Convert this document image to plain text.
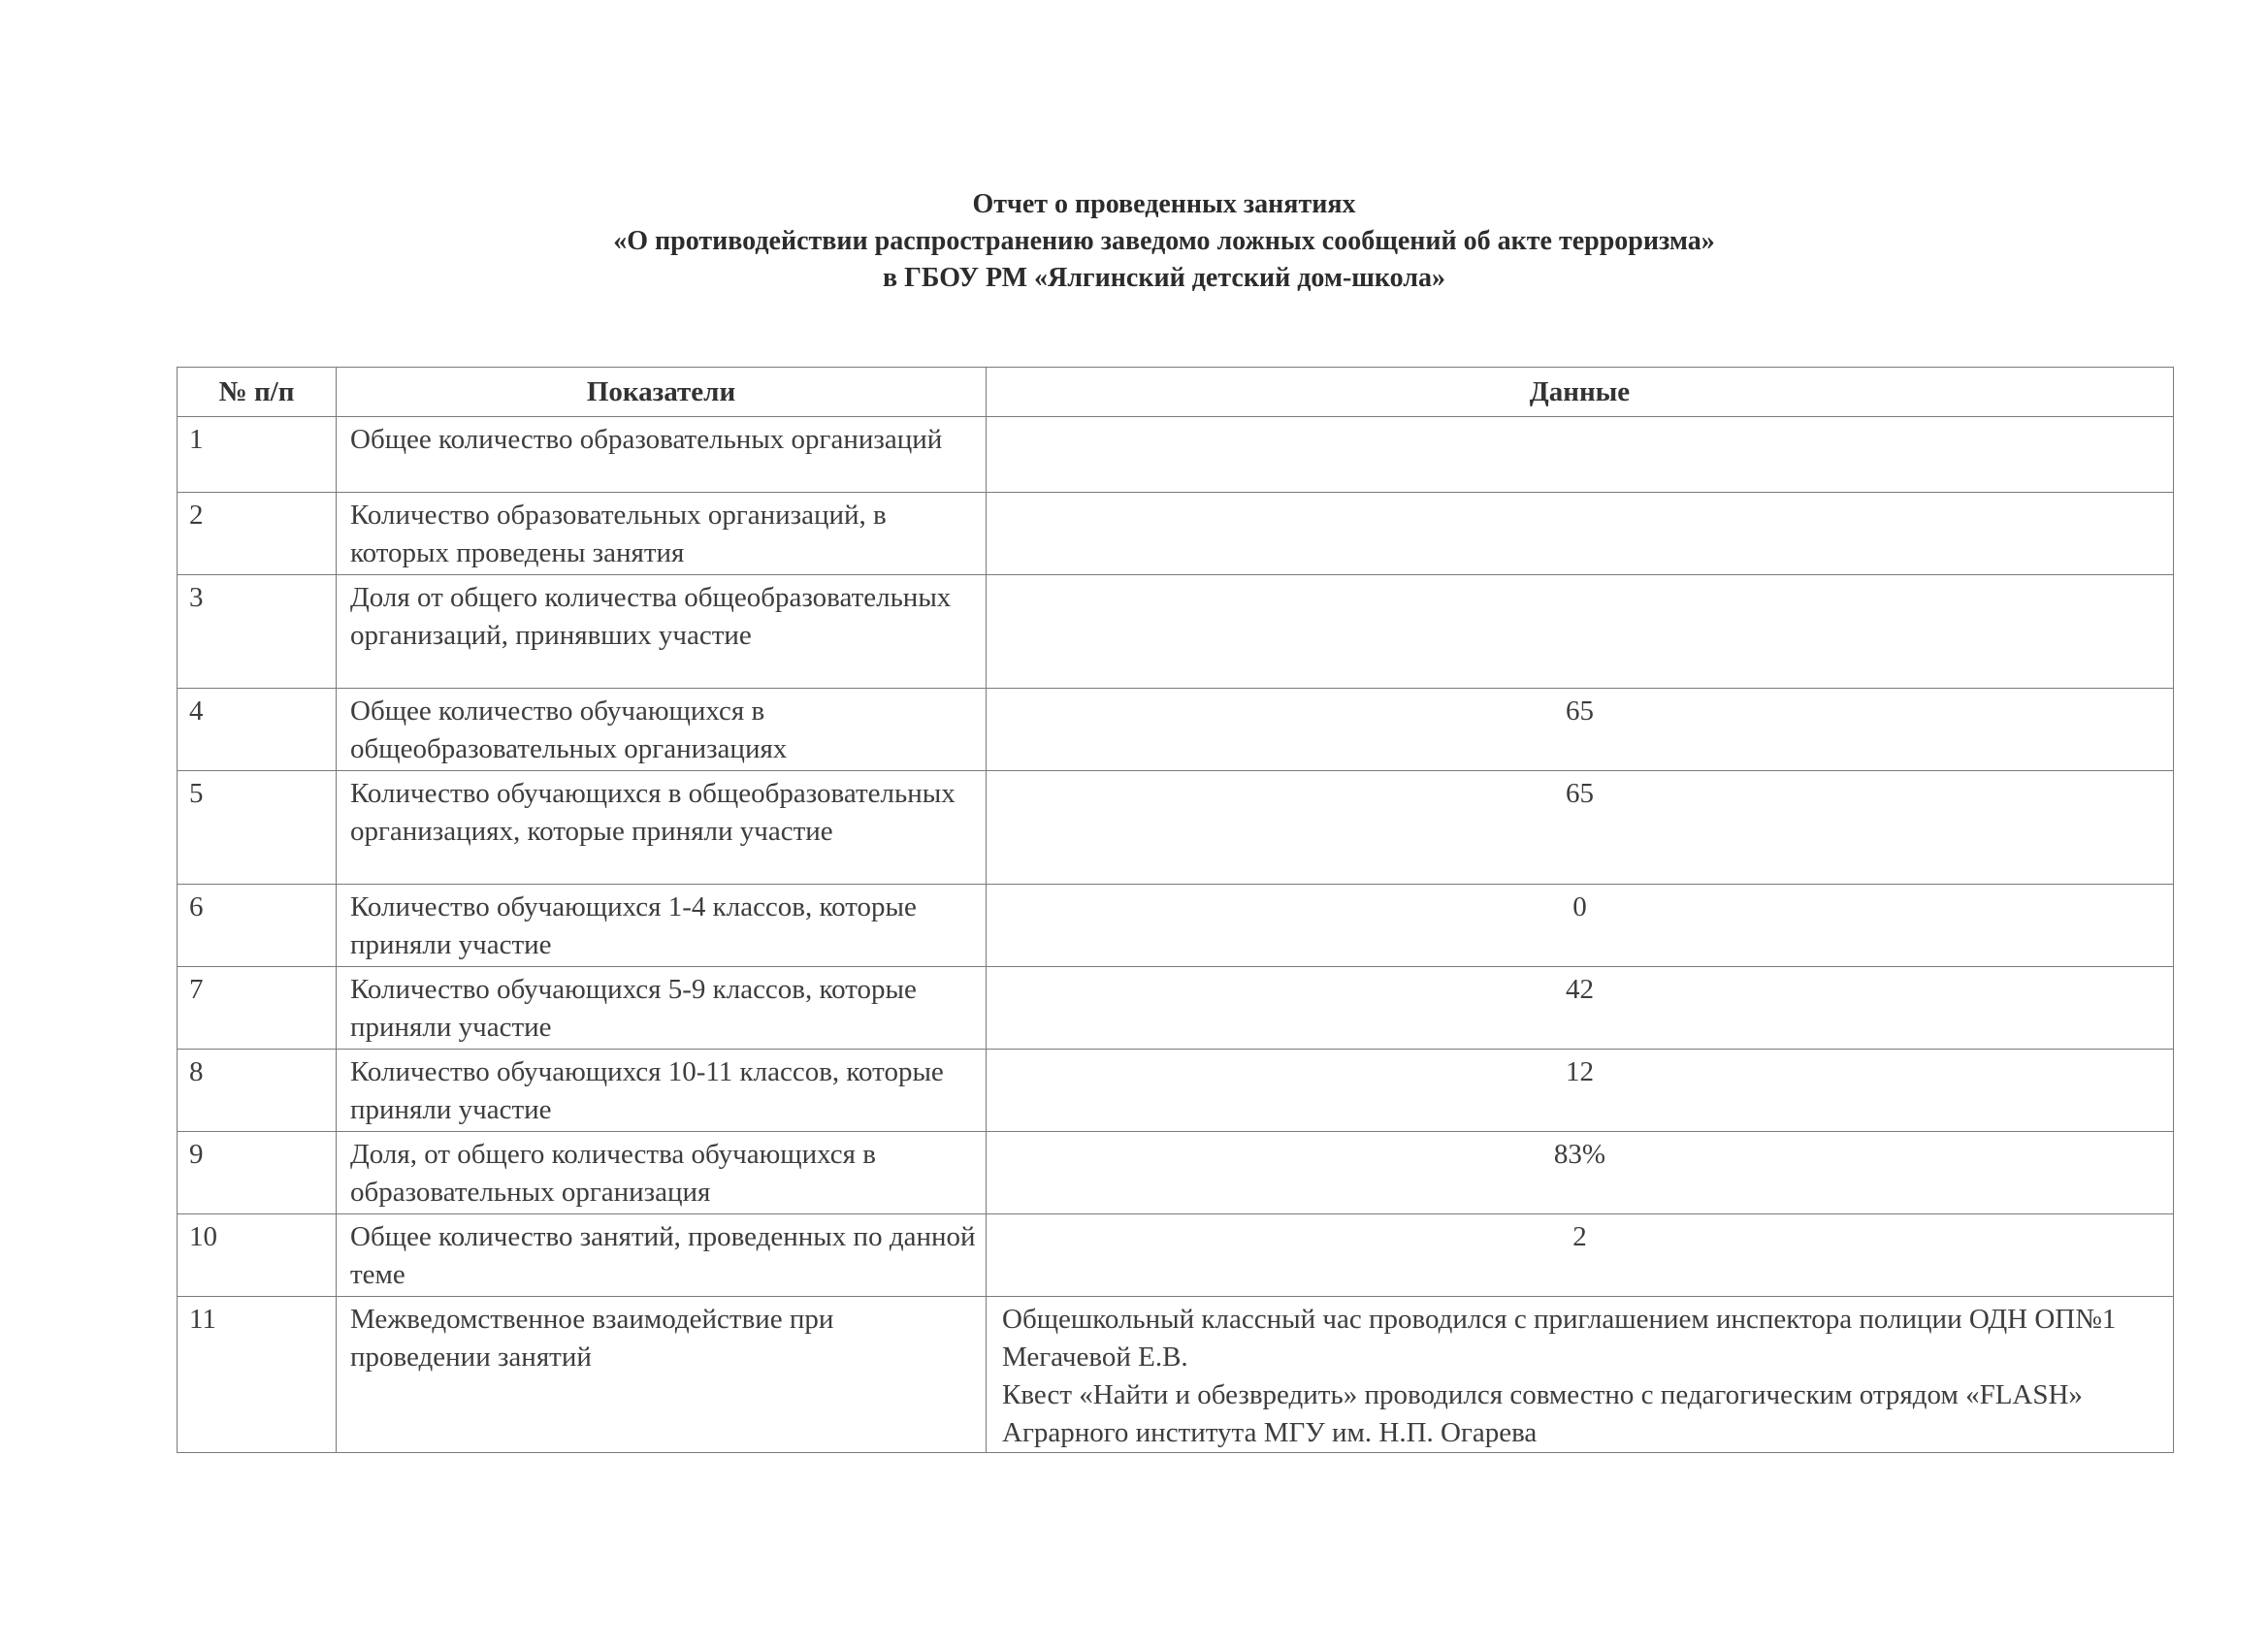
Отчет о проведенных занятиях
«О противодействии распространению заведомо ложных сообщений об акте терроризма»
в ГБОУ РМ «Ялгинский детский дом-школа»
№ п/п	Показатели	Данные
1	Общее количество образовательных организаций	
2	Количество образовательных организаций, в которых проведены занятия	
3	Доля от общего количества общеобразовательных организаций, принявших участие	
4	Общее количество обучающихся в общеобразовательных организациях	65
5	Количество обучающихся в общеобразовательных организациях, которые приняли участие	65
6	Количество обучающихся 1-4 классов, которые приняли участие	0
7	Количество обучающихся 5-9 классов, которые приняли участие	42
8	Количество обучающихся 10-11 классов, которые приняли участие	12
9	Доля, от общего количества обучающихся в образовательных организация	83%
10	Общее количество занятий, проведенных по данной теме	2
11	Межведомственное взаимодействие при проведении занятий	Общешкольный классный час проводился с приглашением инспектора полиции ОДН ОП№1 Мегачевой Е.В.
Квест «Найти и обезвредить» проводился совместно с педагогическим отрядом «FLASH» Аграрного института МГУ им. Н.П. Огарева
